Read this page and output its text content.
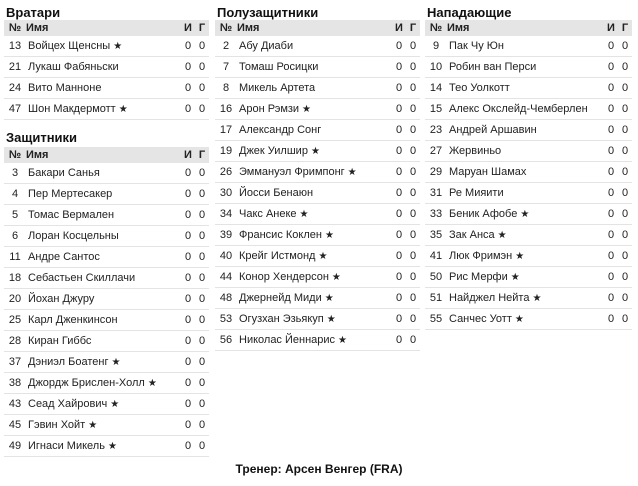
Вратари
№	Имя	И	Г
13	Войцех Щенсны ★	0	0
21	Лукаш Фабяньски	0	0
24	Вито Манноне	0	0
47	Шон Макдермотт ★	0	0
Защитники
№	Имя	И	Г
3	Бакари Санья	0	0
4	Пер Мертесакер	0	0
5	Томас Вермален	0	0
6	Лоран Косцельны	0	0
11	Андре Сантос	0	0
18	Себастьен Скиллачи	0	0
20	Йохан Джуру	0	0
25	Карл Дженкинсон	0	0
28	Киран Гиббс	0	0
37	Дэниэл Боатенг ★	0	0
38	Джордж Брислен-Холл ★	0	0
43	Сеад Хайрович ★	0	0
45	Гэвин Хойт ★	0	0
49	Игнаси Микель ★	0	0
Полузащитники
№	Имя	И	Г
2	Абу Диаби	0	0
7	Томаш Росицки	0	0
8	Микель Артета	0	0
16	Арон Рэмзи ★	0	0
17	Александр Сонг	0	0
19	Джек Уилшир ★	0	0
26	Эммануэл Фримпонг ★	0	0
30	Йосси Бенаюн	0	0
34	Чакс Анеке ★	0	0
39	Франсис Коклен ★	0	0
40	Крейг Истмонд ★	0	0
44	Конор Хендерсон ★	0	0
48	Джернейд Миди ★	0	0
53	Огузхан Эзьякуп ★	0	0
56	Николас Йеннарис ★	0	0
Нападающие
№	Имя	И	Г
9	Пак Чу Юн	0	0
10	Робин ван Перси	0	0
14	Тео Уолкотт	0	0
15	Алекс Окслейд-Чемберлен	0	0
23	Андрей Аршавин	0	0
27	Жервиньо	0	0
29	Маруан Шамах	0	0
31	Ре Мияити	0	0
33	Беник Афобе ★	0	0
35	Зак Анса ★	0	0
41	Люк Фримэн ★	0	0
50	Рис Мерфи ★	0	0
51	Найджел Нейта ★	0	0
55	Санчес Уотт ★	0	0
Тренер: Арсен Венгер (FRA)
